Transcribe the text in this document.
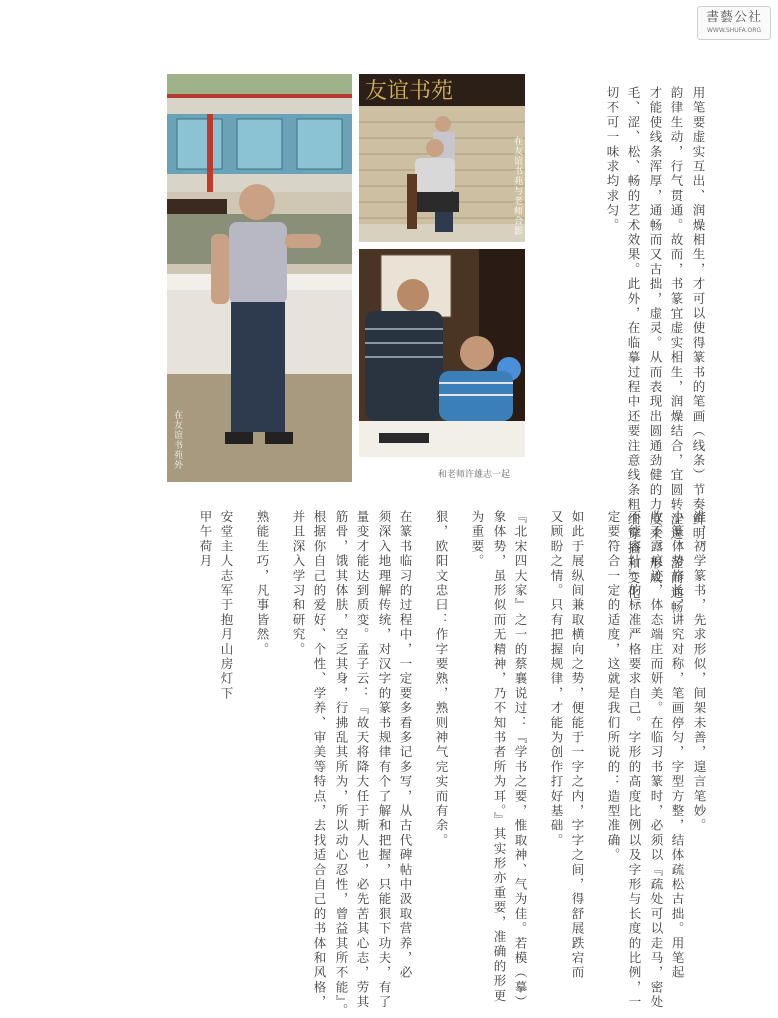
書藝公社
WWW.SHUFA.ORG
在友谊书苑外
友谊书苑
在友谊书苑与老师合影
和老师许雄志一起	用笔要虚实互出、润燥相生，才可以使得篆书的笔画（线条）节奏鲜明，
韵律生动，行气贯通。故而，书篆宜虚实相生，润燥结合，宜圆转涩进，涩而通畅，
才能使线条浑厚，通畅而又古拙，虚灵。从而表现出圆通劲健的力度来，形成
毛、涩、松、畅的艺术效果。此外，在临摹过程中还要注意线条粗细穿插和变化，
切不可一味求均求匀。
准，初学篆书，先求形似，间架未善，遑言笔妙。
小篆体势修长，讲究对称，笔画停匀，字型方整，结体疏松古拙。用笔起
收不露痕迹，体态端庄而妍美。在临习书篆时，必须以『疏处可以走马，密处
不能容针』的标准严格要求自己。字形的高度比例以及字形与长度的比例，一
定要符合一定的适度，这就是我们所说的：造型准确。
如此于展纵间兼取横向之势，便能于一字之内，字字之间，得舒展跌宕而
又顾盼之情。只有把握规律，才能为创作打好基础。
『北宋四大家』之一的蔡襄说过：『学书之要，惟取神、气为佳。若模（摹）
象体势，虽形似而无精神，乃不知书者所为耳。』其实形亦重要，准确的形更
为重要。
狠，欧阳文忠曰：作字要熟，熟则神气完实而有余。
在篆书临习的过程中，一定要多看多记多写，从古代碑帖中汲取营养，必
须深入地理解传统，对汉字的篆书规律有个了解和把握，只能狠下功夫，有了
量变才能达到质变。孟子云：『故天将降大任于斯人也，必先苦其心志，劳其
筋骨，饿其体肤，空乏其身，行拂乱其所为，所以动心忍性，曾益其所不能』。
根据你自己的爱好、个性、学养、审美等特点，去找适合自己的书体和风格，
并且深入学习和研究。
熟能生巧，凡事皆然。
安堂主人志军于抱月山房灯下
甲午荷月
